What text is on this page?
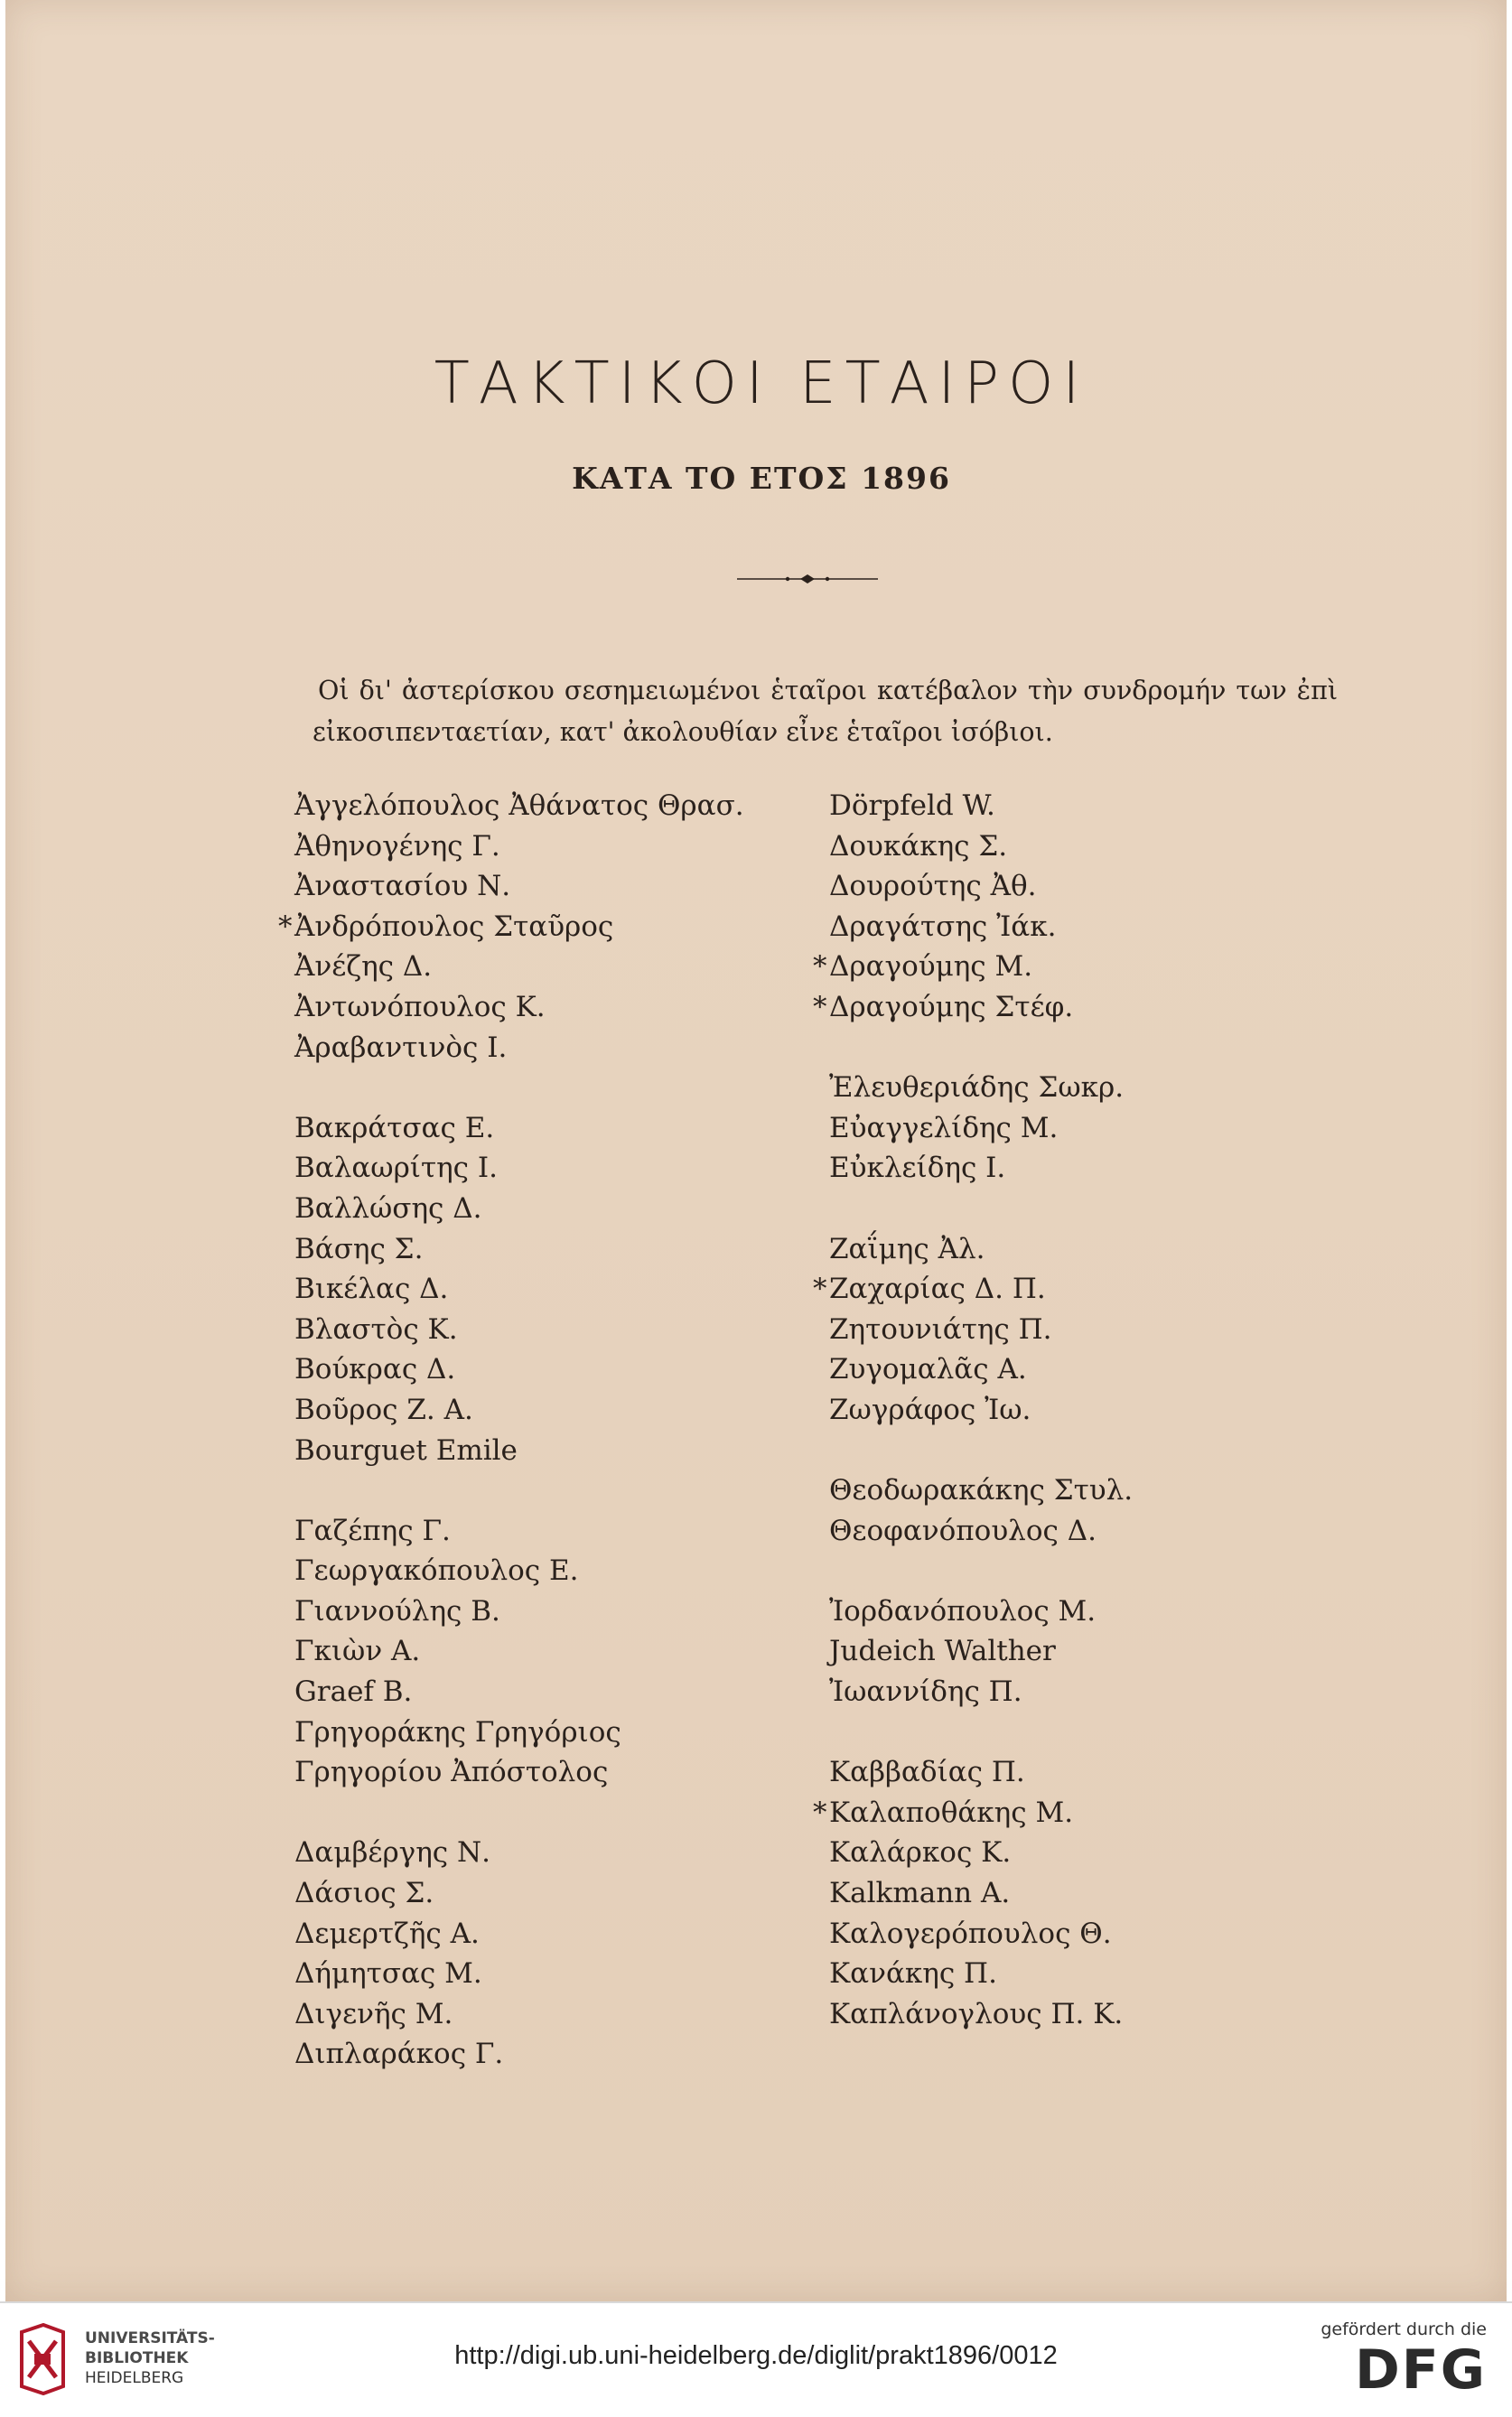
ΤΑΚΤΙΚΟΙ ΕΤΑΙΡΟΙ
ΚΑΤΑ ΤΟ ΕΤΟΣ 1896
Οἱ δι' ἀστερίσκου σεσημειωμένοι ἑταῖροι κατέβαλον τὴν συνδρομήν των ἐπὶ εἰκοσιπενταετίαν, κατ' ἀκολουθίαν εἶνε ἑταῖροι ἰσόβιοι.
Ἀγγελόπουλος Ἀθάνατος Θρασ.
Ἀθηνογένης Γ.
Ἀναστασίου Ν.
*Ἀνδρόπουλος Σταῦρος
Ἀνέζης Δ.
Ἀντωνόπουλος Κ.
Ἀραβαντινὸς Ι.
Βακράτσας Ε.
Βαλαωρίτης Ι.
Βαλλώσης Δ.
Βάσης Σ.
Βικέλας Δ.
Βλαστὸς Κ.
Βούκρας Δ.
Βοῦρος Ζ. Α.
Bourguet Emile
Γαζέπης Γ.
Γεωργακόπουλος Ε.
Γιαννούλης Β.
Γκιὼν Α.
Graef B.
Γρηγοράκης Γρηγόριος
Γρηγορίου Ἀπόστολος
Δαμβέργης Ν.
Δάσιος Σ.
Δεμερτζῆς Α.
Δήμητσας Μ.
Διγενῆς Μ.
Διπλαράκος Γ.
Dörpfeld W.
Δουκάκης Σ.
Δουρούτης Ἀθ.
Δραγάτσης Ἰάκ.
*Δραγούμης Μ.
*Δραγούμης Στέφ.
Ἐλευθεριάδης Σωκρ.
Εὐαγγελίδης Μ.
Εὐκλείδης Ι.
Ζαΐμης Ἀλ.
*Ζαχαρίας Δ. Π.
Ζητουνιάτης Π.
Ζυγομαλᾶς Α.
Ζωγράφος Ἰω.
Θεοδωρακάκης Στυλ.
Θεοφανόπουλος Δ.
Ἰορδανόπουλος Μ.
Judeich Walther
Ἰωαννίδης Π.
Καββαδίας Π.
*Καλαποθάκης Μ.
Καλάρκος Κ.
Kalkmann A.
Καλογερόπουλος Θ.
Κανάκης Π.
Καπλάνογλους Π. Κ.
UNIVERSITÄTS-
BIBLIOTHEK
HEIDELBERG
http://digi.ub.uni-heidelberg.de/diglit/prakt1896/0012
gefördert durch die
DFG
